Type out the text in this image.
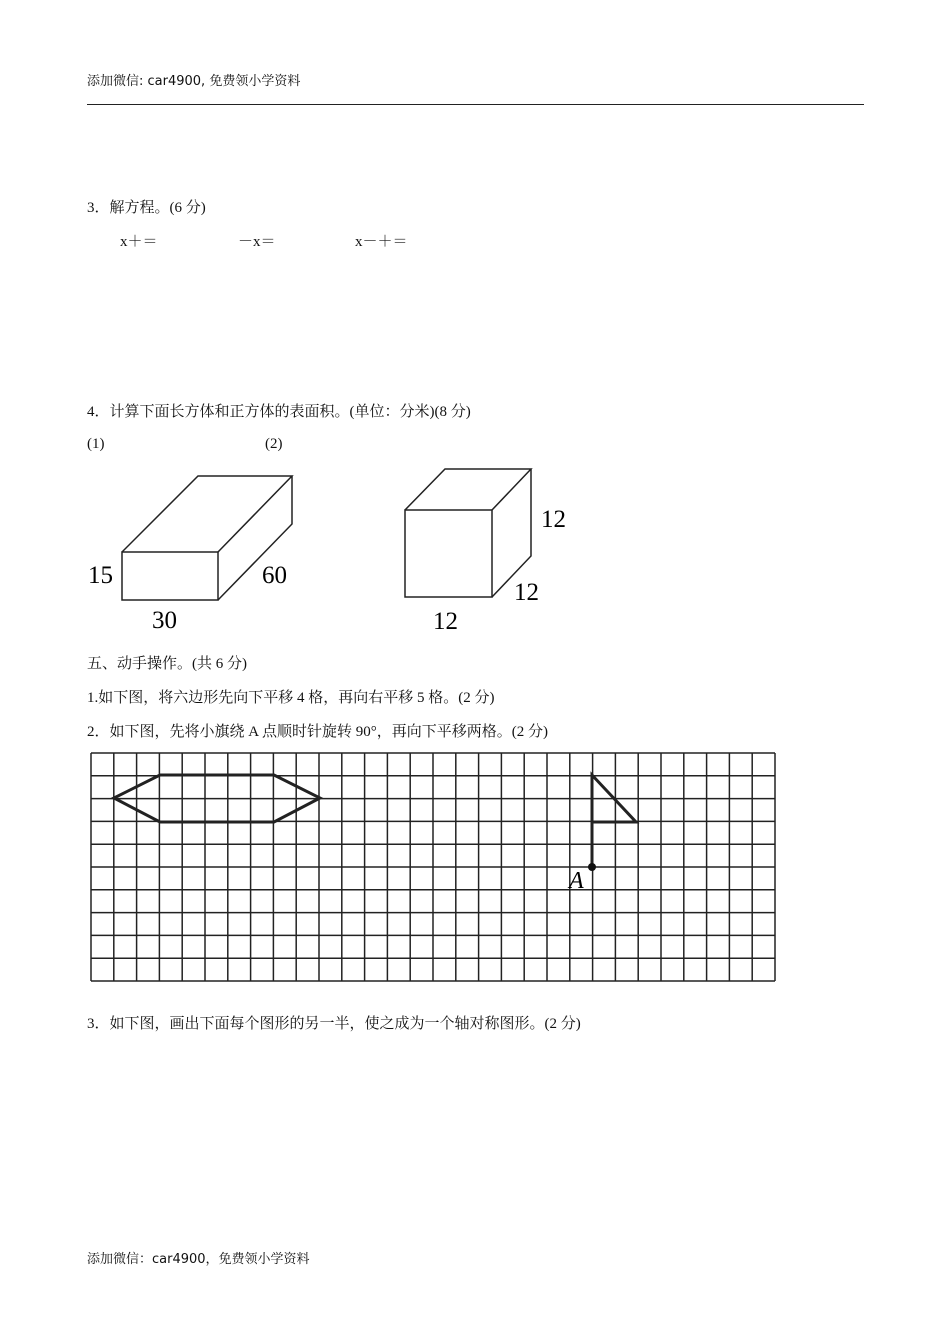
添加微信: car4900, 免费领小学资料
3．解方程。(6 分)
x＋＝	－x＝	x－＋＝
4．计算下面长方体和正方体的表面积。(单位：分米)(8 分)
(1)	(2)
15
30
60
12
12
12
五、动手操作。(共 6 分)
1.如下图，将六边形先向下平移 4 格，再向右平移 5 格。(2 分)
2．如下图，先将小旗绕 A 点顺时针旋转 90°，再向下平移两格。(2 分)
A
3．如下图，画出下面每个图形的另一半，使之成为一个轴对称图形。(2 分)
添加微信：car4900，免费领小学资料
